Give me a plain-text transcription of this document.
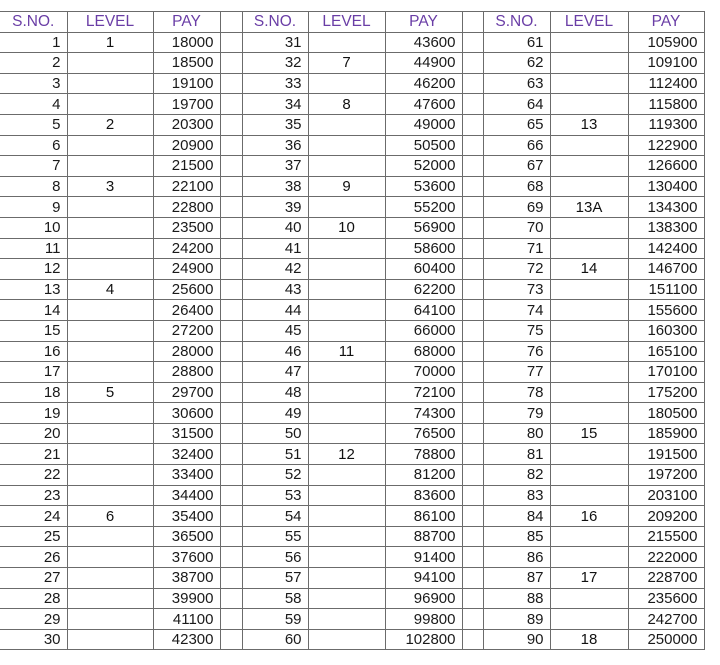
S.NO.	LEVEL	PAY		S.NO.	LEVEL	PAY		S.NO.	LEVEL	PAY
1	1	18000		31		43600		61		105900
2		18500		32	7	44900		62		109100
3		19100		33		46200		63		112400
4		19700		34	8	47600		64		115800
5	2	20300		35		49000		65	13	119300
6		20900		36		50500		66		122900
7		21500		37		52000		67		126600
8	3	22100		38	9	53600		68		130400
9		22800		39		55200		69	13A	134300
10		23500		40	10	56900		70		138300
11		24200		41		58600		71		142400
12		24900		42		60400		72	14	146700
13	4	25600		43		62200		73		151100
14		26400		44		64100		74		155600
15		27200		45		66000		75		160300
16		28000		46	11	68000		76		165100
17		28800		47		70000		77		170100
18	5	29700		48		72100		78		175200
19		30600		49		74300		79		180500
20		31500		50		76500		80	15	185900
21		32400		51	12	78800		81		191500
22		33400		52		81200		82		197200
23		34400		53		83600		83		203100
24	6	35400		54		86100		84	16	209200
25		36500		55		88700		85		215500
26		37600		56		91400		86		222000
27		38700		57		94100		87	17	228700
28		39900		58		96900		88		235600
29		41100		59		99800		89		242700
30		42300		60		102800		90	18	250000
